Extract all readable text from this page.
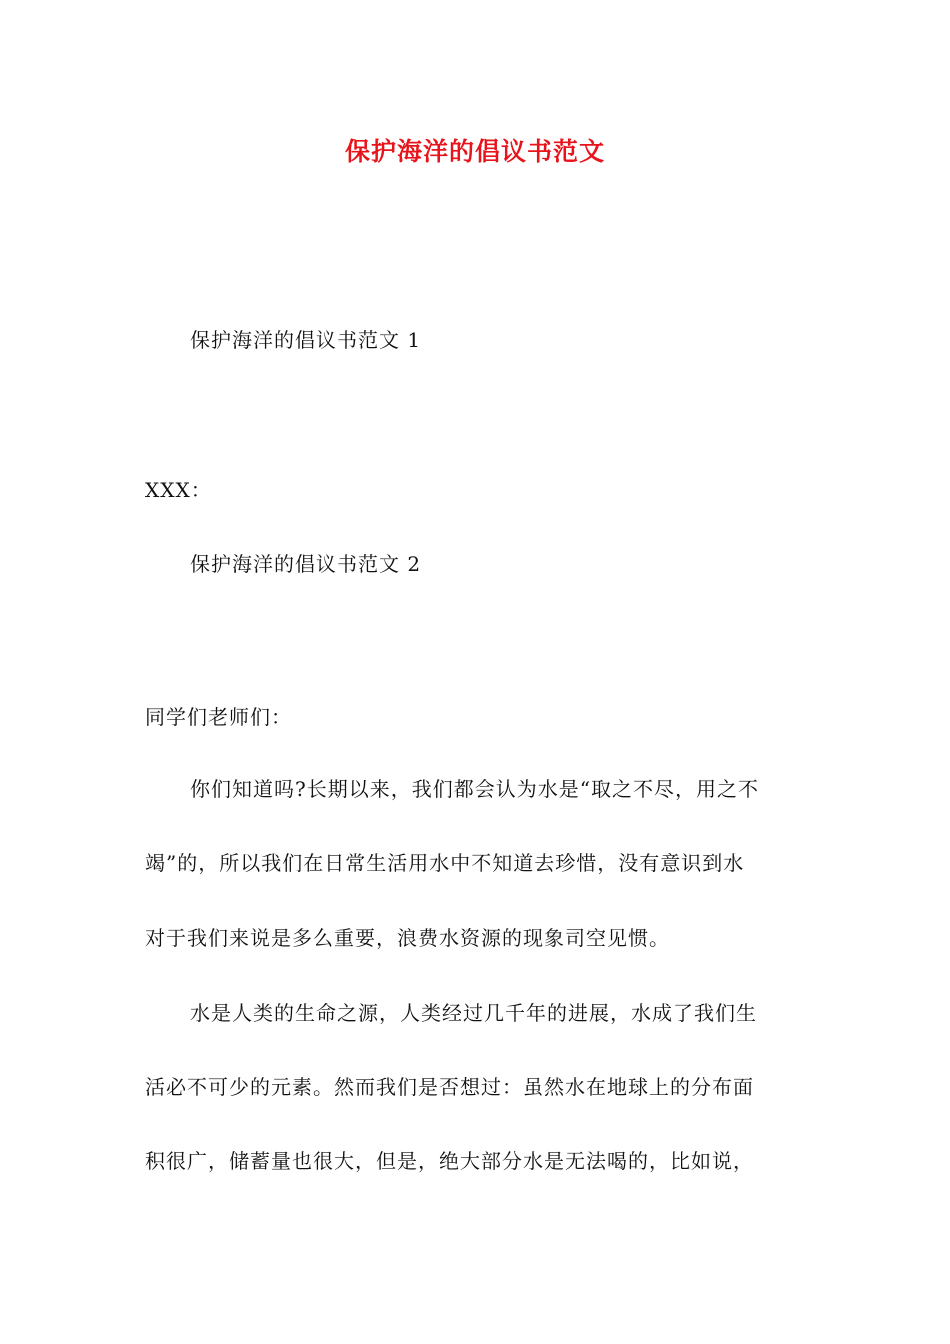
保护海洋的倡议书范文
保护海洋的倡议书范文 1
XXX：
保护海洋的倡议书范文 2
同学们老师们：
你们知道吗?长期以来，我们都会认为水是“取之不尽，用之不
竭”的，所以我们在日常生活用水中不知道去珍惜，没有意识到水
对于我们来说是多么重要，浪费水资源的现象司空见惯。
水是人类的生命之源，人类经过几千年的进展，水成了我们生
活必不可少的元素。然而我们是否想过：虽然水在地球上的分布面
积很广，储蓄量也很大，但是，绝大部分水是无法喝的，比如说，
